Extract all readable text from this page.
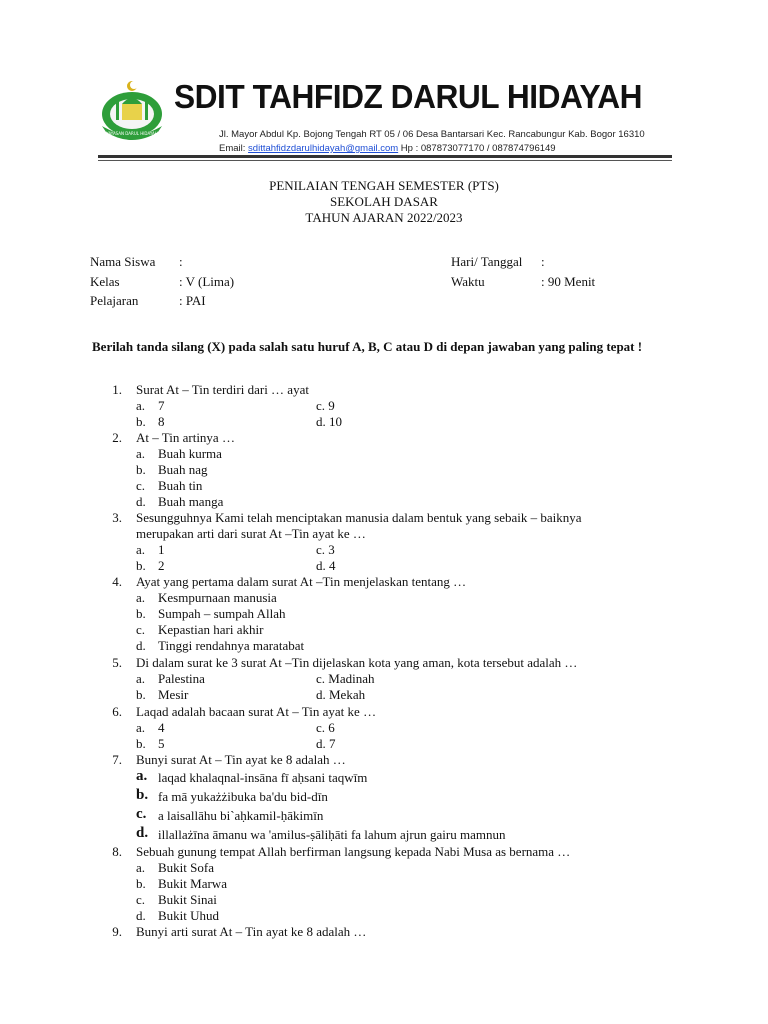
YAYASAN DARUL HIDAYAH
SDIT TAHFIDZ DARUL HIDAYAH
Jl. Mayor Abdul Kp. Bojong Tengah RT 05 / 06 Desa Bantarsari Kec. Rancabungur Kab. Bogor 16310
Email: sdittahfidzdarulhidayah@gmail.com Hp : 087873077170 / 087874796149
PENILAIAN TENGAH SEMESTER (PTS)
SEKOLAH DASAR
TAHUN AJARAN 2022/2023
Nama Siswa :
Kelas	: V (Lima)
Pelajaran	: PAI
Hari/ Tanggal :
Waktu	: 90 Menit
Berilah tanda silang (X) pada salah satu huruf A, B, C atau D di depan jawaban yang paling tepat !
1. Surat At – Tin terdiri dari … ayat
a. 7	c. 9
b. 8	d. 10
2. At – Tin artinya …
a. Buah kurma
b. Buah nag
c. Buah tin
d. Buah manga
3. Sesungguhnya Kami telah menciptakan manusia dalam bentuk yang sebaik – baiknya
merupakan arti dari surat At –Tin ayat ke …
a. 1	c. 3
b. 2	d. 4
4. Ayat yang pertama dalam surat At –Tin menjelaskan tentang …
a. Kesmpurnaan manusia
b. Sumpah – sumpah Allah
c. Kepastian hari akhir
d. Tinggi rendahnya maratabat
5. Di dalam surat ke 3 surat At –Tin dijelaskan kota yang aman, kota tersebut adalah …
a. Palestina	c. Madinah
b. Mesir	d. Mekah
6. Laqad adalah bacaan surat At – Tin ayat ke …
a. 4	c. 6
b. 5	d. 7
7. Bunyi surat At – Tin ayat ke 8 adalah …
a. laqad khalaqnal-insāna fī aḥsani taqwīm
b. fa mā yukażżibuka ba'du bid-dīn
c. a laisallāhu bi`aḥkamil-ḥākimīn
d. illallażīna āmanu wa 'amilus-ṣāliḥāti fa lahum ajrun gairu mamnun
8. Sebuah gunung tempat Allah berfirman langsung kepada Nabi Musa as bernama …
a. Bukit Sofa
b. Bukit Marwa
c. Bukit Sinai
d. Bukit Uhud
9. Bunyi arti surat At – Tin ayat ke 8 adalah …
